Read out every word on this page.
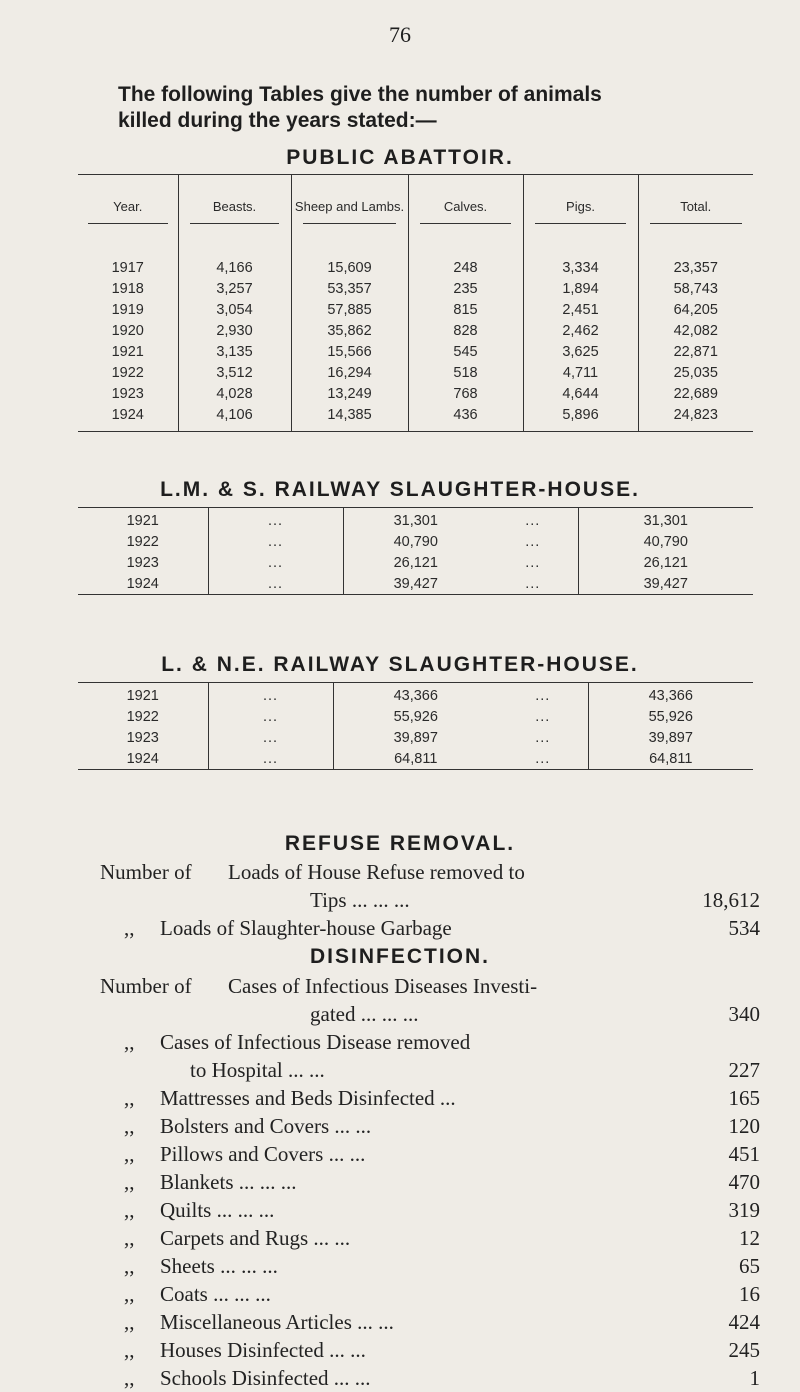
76
The following Tables give the number of animals
killed during the years stated:—
PUBLIC ABATTOIR.
Year.	Beasts.	Sheep and Lambs.	Calves.	Pigs.	Total.

1917	4,166	15,609	248	3,334	23,357
1918	3,257	53,357	235	1,894	58,743
1919	3,054	57,885	815	2,451	64,205
1920	2,930	35,862	828	2,462	42,082
1921	3,135	15,566	545	3,625	22,871
1922	3,512	16,294	518	4,711	25,035
1923	4,028	13,249	768	4,644	22,689
1924	4,106	14,385	436	5,896	24,823
L.M. & S. RAILWAY SLAUGHTER-HOUSE.
1921	...	31,301	...	31,301
1922	...	40,790	...	40,790
1923	...	26,121	...	26,121
1924	...	39,427	...	39,427
L. & N.E. RAILWAY SLAUGHTER-HOUSE.
1921	...	43,366	...	43,366
1922	...	55,926	...	55,926
1923	...	39,897	...	39,897
1924	...	64,811	...	64,811
REFUSE REMOVAL.
Number of Loads of House Refuse removed to
Tips ... ... ...	18,612
,, Loads of Slaughter-house Garbage	534
DISINFECTION.
Number of Cases of Infectious Diseases Investi-
gated ... ... ...	340
,, Cases of Infectious Disease removed
to Hospital ... ...	227
,, Mattresses and Beds Disinfected ...	165
,, Bolsters and Covers ... ...	120
,, Pillows and Covers ... ...	451
,, Blankets ... ... ...	470
,, Quilts ... ... ...	319
,, Carpets and Rugs ... ...	12
,, Sheets ... ... ...	65
,, Coats ... ... ...	16
,, Miscellaneous Articles ... ...	424
,, Houses Disinfected ... ...	245
,, Schools Disinfected ... ...	1
